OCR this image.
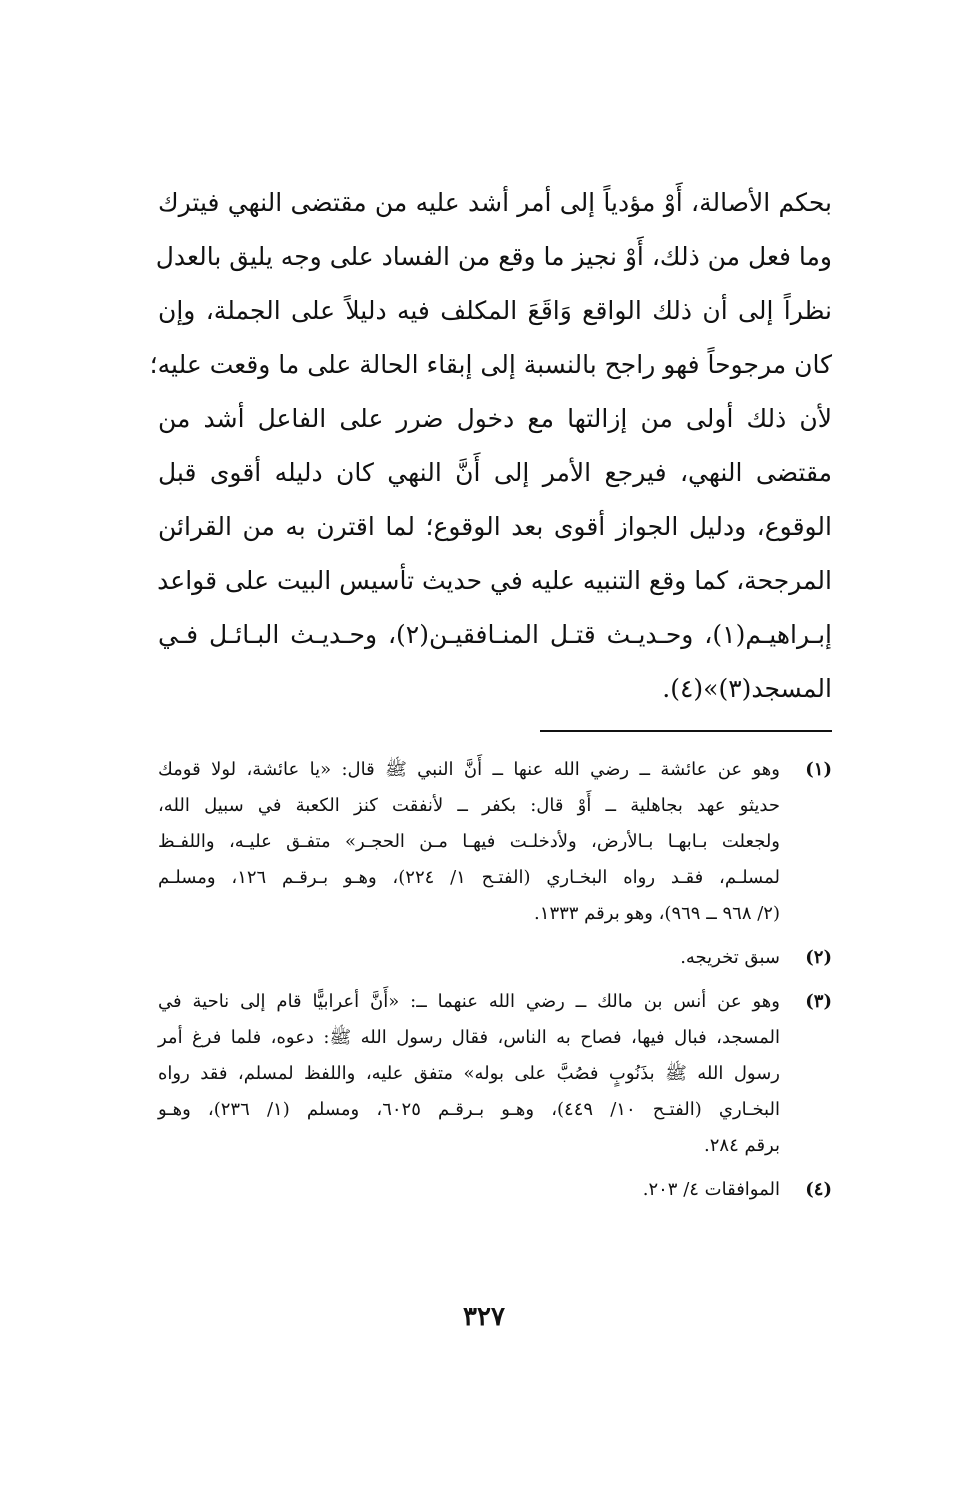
بحكم الأصالة، أَوْ مؤدياً إلى أمر أشد عليه من مقتضى النهي فيترك
وما فعل من ذلك، أَوْ نجيز ما وقع من الفساد على وجه يليق بالعدل
نظراً إلى أن ذلك الواقع وَاقَعَ المكلف فيه دليلاً على الجملة، وإن
كان مرجوحاً فهو راجح بالنسبة إلى إبقاء الحالة على ما وقعت عليه؛
لأن ذلك أولى من إزالتها مع دخول ضرر على الفاعل أشد من
مقتضى النهي، فيرجع الأمر إلى أَنَّ النهي كان دليله أقوى قبل
الوقوع، ودليل الجواز أقوى بعد الوقوع؛ لما اقترن به من القرائن
المرجحة، كما وقع التنبيه عليه في حديث تأسيس البيت على قواعد
إبـراهيـم(١)، وحـديـث قتـل المنـافقيـن(٢)، وحـديـث البـائـل فـي
المسجد(٣)»(٤).
(١)
وهو عن عائشة ــ رضي الله عنها ــ أَنَّ النبي ﷺ قال: «يا عائشة، لولا قومك
حديثو عهد بجاهلية ــ أَوْ قال: بكفر ــ لأنفقت كنز الكعبة في سبيل الله،
ولجعلت بـابهـا بـالأرض، ولأدخلـت فيهـا مـن الحجـر» متفـق عليـه، واللفـظ
لمسلـم، فقـد رواه البخـاري (الفتـح ١/ ٢٢٤)، وهـو بـرقـم ١٢٦، ومسلـم
(٢/ ٩٦٨ ــ ٩٦٩)، وهو برقم ١٣٣٣.
(٢)
سبق تخريجه.
(٣)
وهو عن أنس بن مالك ــ رضي الله عنهما ــ: «أَنَّ أعرابيًّا قام إلى ناحية في
المسجد، فبال فيها، فصاح به الناس، فقال رسول الله ﷺ: دعوه، فلما فرغ أمر
رسول الله ﷺ بذَنُوبٍ فصُبَّ على بوله» متفق عليه، واللفظ لمسلم، فقد رواه
البخـاري (الفتـح ١٠/ ٤٤٩)، وهـو بـرقـم ٦٠٢٥، ومسلم (١/ ٢٣٦)، وهـو
برقم ٢٨٤.
(٤)
الموافقات ٤/ ٢٠٣.
٣٢٧
